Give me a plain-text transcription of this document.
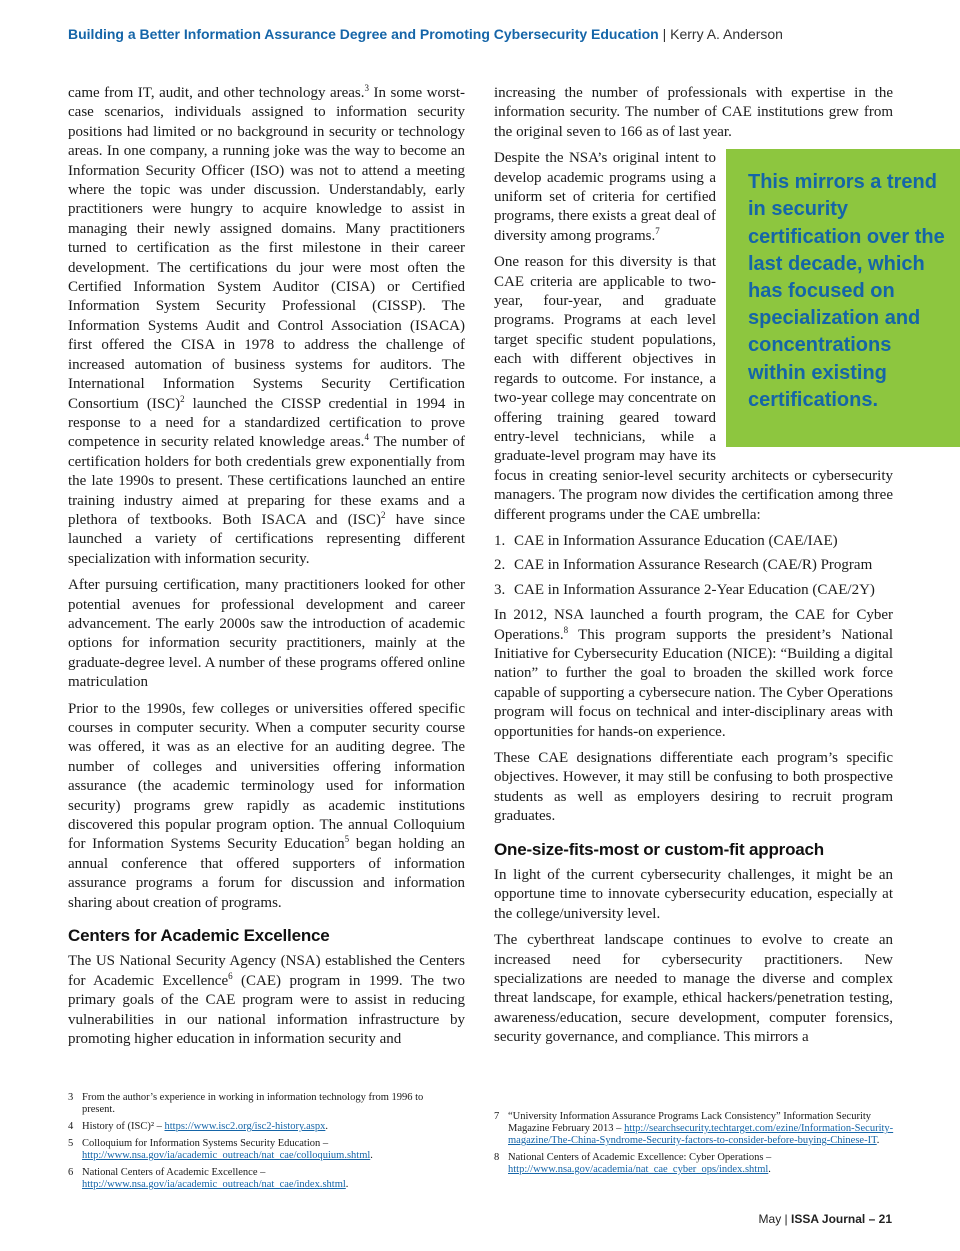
Building a Better Information Assurance Degree and Promoting Cybersecurity Education | Kerry A. Anderson

came from IT, audit, and other technology areas.$^3$ In some worst-case scenarios, individuals assigned to information security positions had limited or no background in security or technology areas. In one company, a running joke was the way to become an Information Security Officer (ISO) was not to attend a meeting where the topic was under discussion. Understandably, early practitioners were hungry to acquire knowledge to assist in managing their newly assigned domains. Many practitioners turned to certification as the first milestone in their career development. The certifications du jour were most often the Certified Information System Auditor (CISA) or Certified Information System Security Professional (CISSP). The Information Systems Audit and Control Association (ISACA) first offered the CISA in 1978 to address the challenge of increased automation of business systems for auditors. The International Information Systems Security Certification Consortium (ISC)$^2$ launched the CISSP credential in 1994 in response to a need for a standardized certification to prove competence in security related knowledge areas.$^4$ The number of certification holders for both credentials grew exponentially from the late 1990s to present. These certifications launched an entire training industry aimed at preparing for these exams and a plethora of textbooks. Both ISACA and (ISC)$^2$ have since launched a variety of certifications representing different specialization with information security.

After pursuing certification, many practitioners looked for other potential avenues for professional development and career advancement. The early 2000s saw the introduction of academic options for information security practitioners, mainly at the graduate-degree level. A number of these programs offered online matriculation

Prior to the 1990s, few colleges or universities offered specific courses in computer security. When a computer security course was offered, it was as an elective for an auditing degree. The number of colleges and universities offering information assurance (the academic terminology used for information security) programs grew rapidly as academic institutions discovered this popular program option. The annual Colloquium for Information Systems Security Education$^5$ began holding an annual conference that offered supporters of information assurance programs a forum for discussion and information sharing about creation of programs.

Centers for Academic Excellence

The US National Security Agency (NSA) established the Centers for Academic Excellence$^6$ (CAE) program in 1999. The two primary goals of the CAE program were to assist in reducing vulnerabilities in our national information infrastructure by promoting higher education in information security and

increasing the number of professionals with expertise in the information security. The number of CAE institutions grew from the original seven to 166 as of last year.

This mirrors a trend in security certification over the last decade, which has focused on specialization and concentrations within existing certifications.

Despite the NSA’s original intent to develop academic programs using a uniform set of criteria for certified programs, there exists a great deal of diversity among programs.$^7$

One reason for this diversity is that CAE criteria are applicable to two-year, four-year, and graduate programs. Programs at each level target specific student populations, each with different objectives in regards to outcome. For instance, a two-year college may concentrate on offering training geared toward entry-level technicians, while a graduate-level program may have its focus in creating senior-level security architects or cybersecurity managers. The program now divides the certification among three different programs under the CAE umbrella:

1. CAE in Information Assurance Education (CAE/IAE)
2. CAE in Information Assurance Research (CAE/R) Program
3. CAE in Information Assurance 2-Year Education (CAE/2Y)

In 2012, NSA launched a fourth program, the CAE for Cyber Operations.$^8$ This program supports the president’s National Initiative for Cybersecurity Education (NICE): “Building a digital nation” to further the goal to broaden the skilled work force capable of supporting a cybersecure nation. The Cyber Operations program will focus on technical and inter-disciplinary areas with opportunities for hands-on experience.

These CAE designations differentiate each program’s specific objectives. However, it may still be confusing to both prospective students as well as employers desiring to recruit program graduates.

One-size-fits-most or custom-fit approach

In light of the current cybersecurity challenges, it might be an opportune time to innovate cybersecurity education, especially at the college/university level.

The cyberthreat landscape continues to evolve to create an increased need for cybersecurity practitioners. New specializations are needed to manage the diverse and complex threat landscape, for example, ethical hackers/penetration testing, awareness/education, secure development, computer forensics, security governance, and compliance. This mirrors a

3 From the author’s experience in working in information technology from 1996 to present.
4 History of (ISC)² – https://www.isc2.org/isc2-history.aspx.
5 Colloquium for Information Systems Security Education – http://www.nsa.gov/ia/academic_outreach/nat_cae/colloquium.shtml.
6 National Centers of Academic Excellence – http://www.nsa.gov/ia/academic_outreach/nat_cae/index.shtml.
7 “University Information Assurance Programs Lack Consistency” Information Security Magazine February 2013 – http://searchsecurity.techtarget.com/ezine/Information-Security-magazine/The-China-Syndrome-Security-factors-to-consider-before-buying-Chinese-IT.
8 National Centers of Academic Excellence: Cyber Operations – http://www.nsa.gov/academia/nat_cae_cyber_ops/index.shtml.
May | ISSA Journal – 21
